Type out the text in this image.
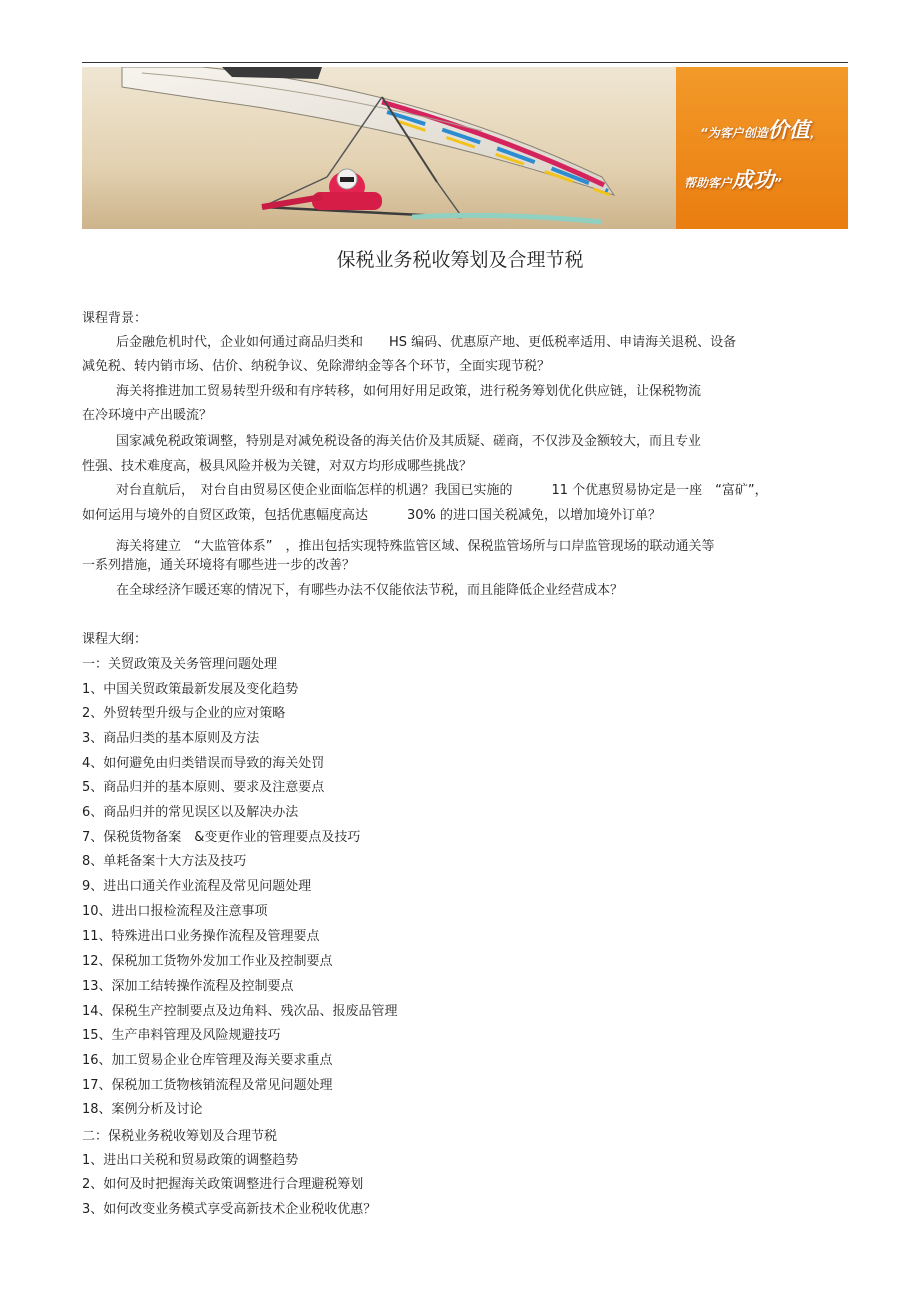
“为客户创造价值，
帮助客户成功”
保税业务税收筹划及合理节税
课程背景：
后金融危机时代，企业如何通过商品归类和　　HS 编码、优惠原产地、更低税率适用、申请海关退税、设备
减免税、转内销市场、估价、纳税争议、免除滞纳金等各个环节，全面实现节税？
海关将推进加工贸易转型升级和有序转移，如何用好用足政策，进行税务筹划优化供应链，让保税物流
在冷环境中产出暖流？
国家减免税政策调整，特别是对减免税设备的海关估价及其质疑、磋商，不仅涉及金额较大，而且专业
性强、技术难度高，极具风险并极为关键，对双方均形成哪些挑战？
对台直航后，　对台自由贸易区使企业面临怎样的机遇？我国已实施的　　　11 个优惠贸易协定是一座　“富矿”，
如何运用与境外的自贸区政策，包括优惠幅度高达　　　30% 的进口国关税减免，以增加境外订单？
海关将建立　“大监管体系”　，推出包括实现特殊监管区域、保税监管场所与口岸监管现场的联动通关等
一系列措施，通关环境将有哪些进一步的改善？
在全球经济乍暖还寒的情况下，有哪些办法不仅能依法节税，而且能降低企业经营成本？
课程大纲：
一：关贸政策及关务管理问题处理
1、中国关贸政策最新发展及变化趋势
2、外贸转型升级与企业的应对策略
3、商品归类的基本原则及方法
4、如何避免由归类错误而导致的海关处罚
5、商品归并的基本原则、要求及注意要点
6、商品归并的常见误区以及解决办法
7、保税货物备案　&变更作业的管理要点及技巧
8、单耗备案十大方法及技巧
9、进出口通关作业流程及常见问题处理
10、进出口报检流程及注意事项
11、特殊进出口业务操作流程及管理要点
12、保税加工货物外发加工作业及控制要点
13、深加工结转操作流程及控制要点
14、保税生产控制要点及边角料、残次品、报废品管理
15、生产串料管理及风险规避技巧
16、加工贸易企业仓库管理及海关要求重点
17、保税加工货物核销流程及常见问题处理
18、案例分析及讨论
二：保税业务税收筹划及合理节税
1、进出口关税和贸易政策的调整趋势
2、如何及时把握海关政策调整进行合理避税筹划
3、如何改变业务模式享受高新技术企业税收优惠？
